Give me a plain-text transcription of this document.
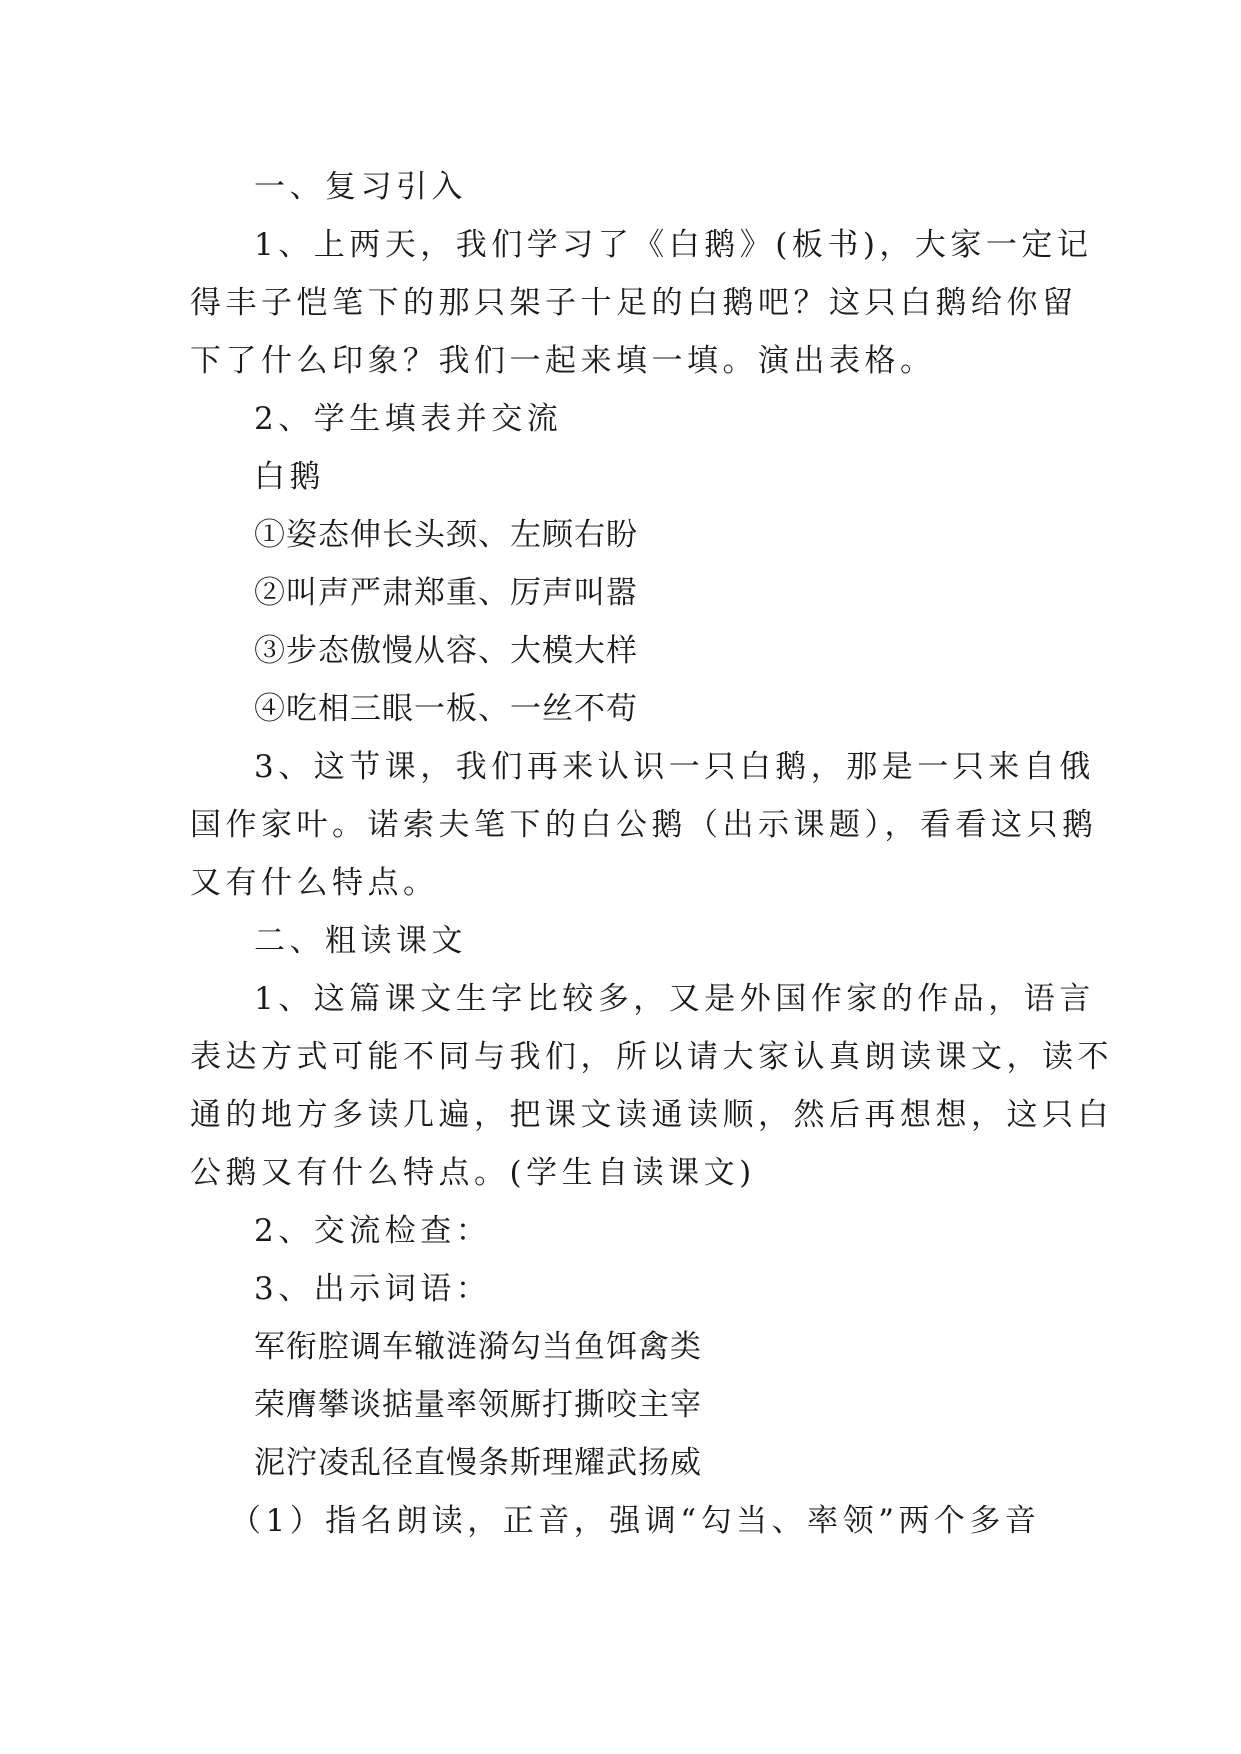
一、复习引入
1、上两天，我们学习了《白鹅》(板书)，大家一定记
得丰子恺笔下的那只架子十足的白鹅吧？这只白鹅给你留
下了什么印象？我们一起来填一填。演出表格。
2、学生填表并交流
白鹅
①姿态伸长头颈、左顾右盼
②叫声严肃郑重、厉声叫嚣
③步态傲慢从容、大模大样
④吃相三眼一板、一丝不苟
3、这节课，我们再来认识一只白鹅，那是一只来自俄
国作家叶。诺索夫笔下的白公鹅（出示课题），看看这只鹅
又有什么特点。
二、粗读课文
1、这篇课文生字比较多，又是外国作家的作品，语言
表达方式可能不同与我们，所以请大家认真朗读课文，读不
通的地方多读几遍，把课文读通读顺，然后再想想，这只白
公鹅又有什么特点。(学生自读课文)
2、交流检查：
3、出示词语：
军衔腔调车辙涟漪勾当鱼饵禽类
荣膺攀谈掂量率领厮打撕咬主宰
泥泞凌乱径直慢条斯理耀武扬威
（1）指名朗读，正音，强调“勾当、率领”两个多音
